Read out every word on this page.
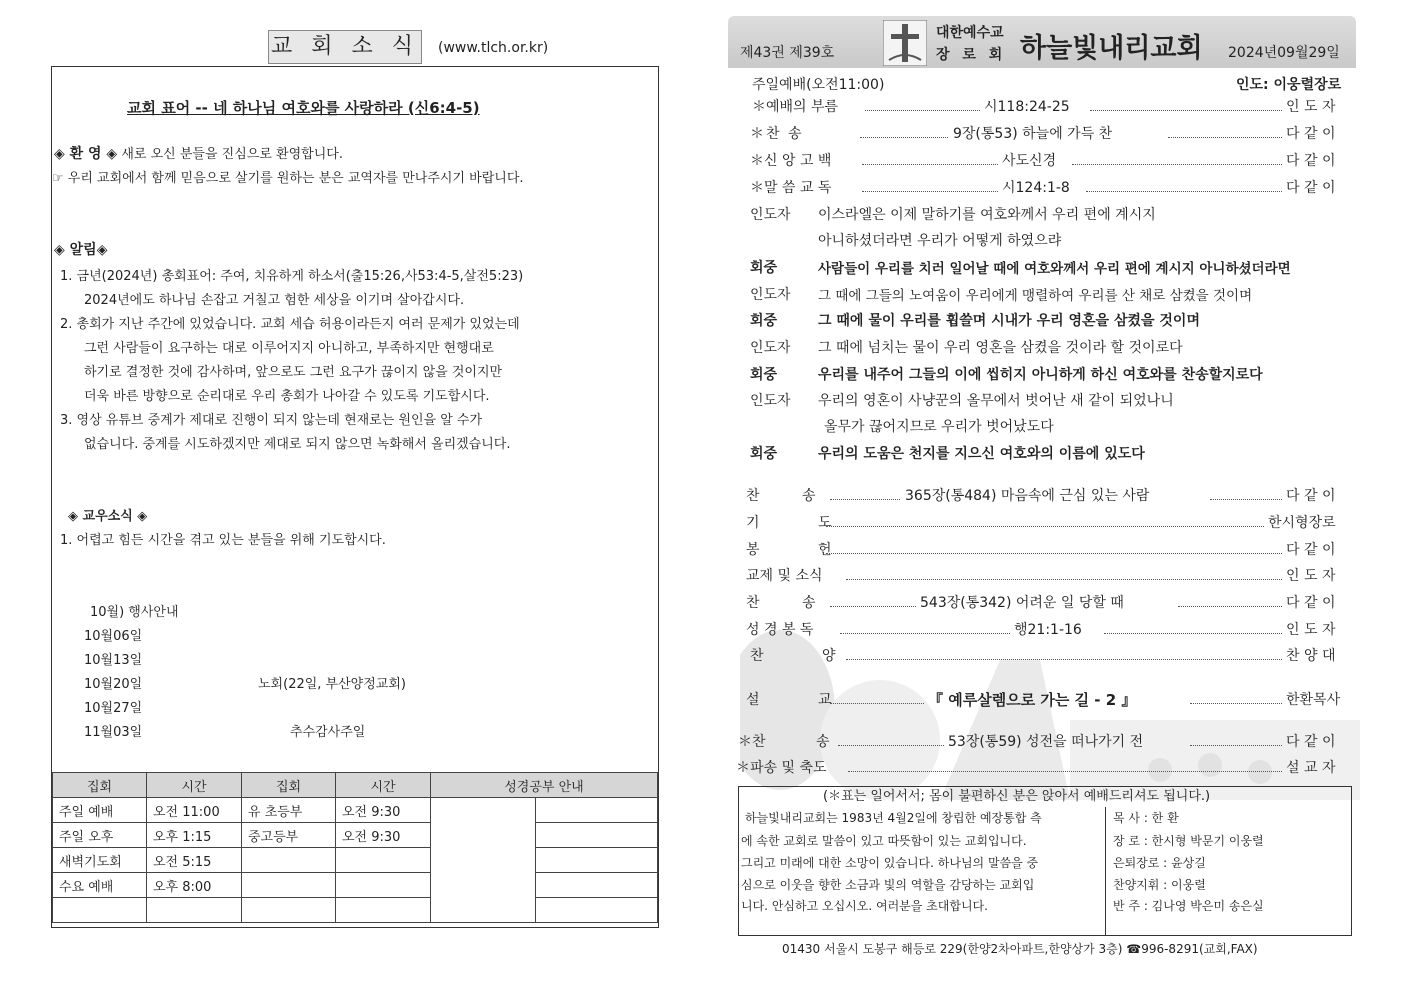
교 회 소 식 (www.tlch.or.kr)
교회 표어 -- 네 하나님 여호와를 사랑하라 (신6:4-5)
◈ 환 영 ◈ 새로 오신 분들을 진심으로 환영합니다.
☞ 우리 교회에서 함께 믿음으로 살기를 원하는 분은 교역자를 만나주시기 바랍니다.
◈ 알림◈
1. 금년(2024년) 총회표어: 주여, 치유하게 하소서(출15:26,사53:4-5,살전5:23)
2024년에도 하나님 손잡고 거칠고 험한 세상을 이기며 살아갑시다.
2. 총회가 지난 주간에 있었습니다. 교회 세습 허용이라든지 여러 문제가 있었는데
그런 사람들이 요구하는 대로 이루어지지 아니하고, 부족하지만 현행대로
하기로 결정한 것에 감사하며, 앞으로도 그런 요구가 끊이지 않을 것이지만
더욱 바른 방향으로 순리대로 우리 총회가 나아갈 수 있도록 기도합시다.
3. 영상 유튜브 중계가 제대로 진행이 되지 않는데 현재로는 원인을 알 수가
없습니다. 중계를 시도하겠지만 제대로 되지 않으면 녹화해서 올리겠습니다.
◈ 교우소식 ◈
1. 어렵고 힘든 시간을 겪고 있는 분들을 위해 기도합시다.
10월) 행사안내
10월06일
10월13일
10월20일	노회(22일, 부산양정교회)
10월27일
11월03일	추수감사주일
집회	시간	집회	시간	성경공부 안내	
주일 예배	오전 11:00	유 초등부	오전 9:30		
주일 오후	오후 1:15	중고등부	오전 9:30		
새벽기도회	오전 5:15				
수요 예배	오후 8:00				

제43권 제39호
대한예수교
장 로 회 하늘빛내리교회 2024년09월29일
주일예배(오전11:00)	인도: 이웅렬장로
＊예배의 부름	시118:24-25	인 도 자
＊찬 송	9장(통53) 하늘에 가득 찬	다 같 이
＊신 앙 고 백	사도신경	다 같 이
＊말 씀 교 독	시124:1-8	다 같 이
인도자 이스라엘은 이제 말하기를 여호와께서 우리 편에 계시지
아니하셨더라면 우리가 어떻게 하였으랴
회중	사람들이 우리를 치러 일어날 때에 여호와께서 우리 편에 계시지 아니하셨더라면
인도자 그 때에 그들의 노여움이 우리에게 맹렬하여 우리를 산 채로 삼켰을 것이며
회중	그 때에 물이 우리를 휩쓸며 시내가 우리 영혼을 삼켰을 것이며
인도자 그 때에 넘치는 물이 우리 영혼을 삼켰을 것이라 할 것이로다
회중	우리를 내주어 그들의 이에 씹히지 아니하게 하신 여호와를 찬송할지로다
인도자 우리의 영혼이 사냥꾼의 올무에서 벗어난 새 같이 되었나니
올무가 끊어지므로 우리가 벗어났도다
회중	우리의 도움은 천지를 지으신 여호와의 이름에 있도다
찬 송	365장(통484) 마음속에 근심 있는 사람	다 같 이
기 도	한시형장로
봉 헌	다 같 이
교제 및 소식	인 도 자
찬 송	543장(통342) 어려운 일 당할 때	다 같 이
성 경 봉 독	행21:1-16	인 도 자
찬 양	찬 양 대
설 교	『 예루살렘으로 가는 길 - 2 』	한환목사
＊찬 송	53장(통59) 성전을 떠나가기 전	다 같 이
＊파송 및 축도	설 교 자
(＊표는 일어서서; 몸이 불편하신 분은 앉아서 예배드리셔도 됩니다.)
하늘빛내리교회는 1983년 4월2일에 창립한 예장통합 측
에 속한 교회로 말씀이 있고 따뜻함이 있는 교회입니다.
그리고 미래에 대한 소망이 있습니다. 하나님의 말씀을 중
심으로 이웃을 향한 소금과 빛의 역할을 감당하는 교회입
니다. 안심하고 오십시오. 여러분을 초대합니다.
목 사 : 한 환
장 로 : 한시형 박문기 이웅렬
은퇴장로 : 윤상길
찬양지휘 : 이웅렬
반 주 : 김나영 박은미 송은실
01430 서울시 도봉구 해등로 229(한양2차아파트,한양상가 3층) ☎996-8291(교회,FAX)
